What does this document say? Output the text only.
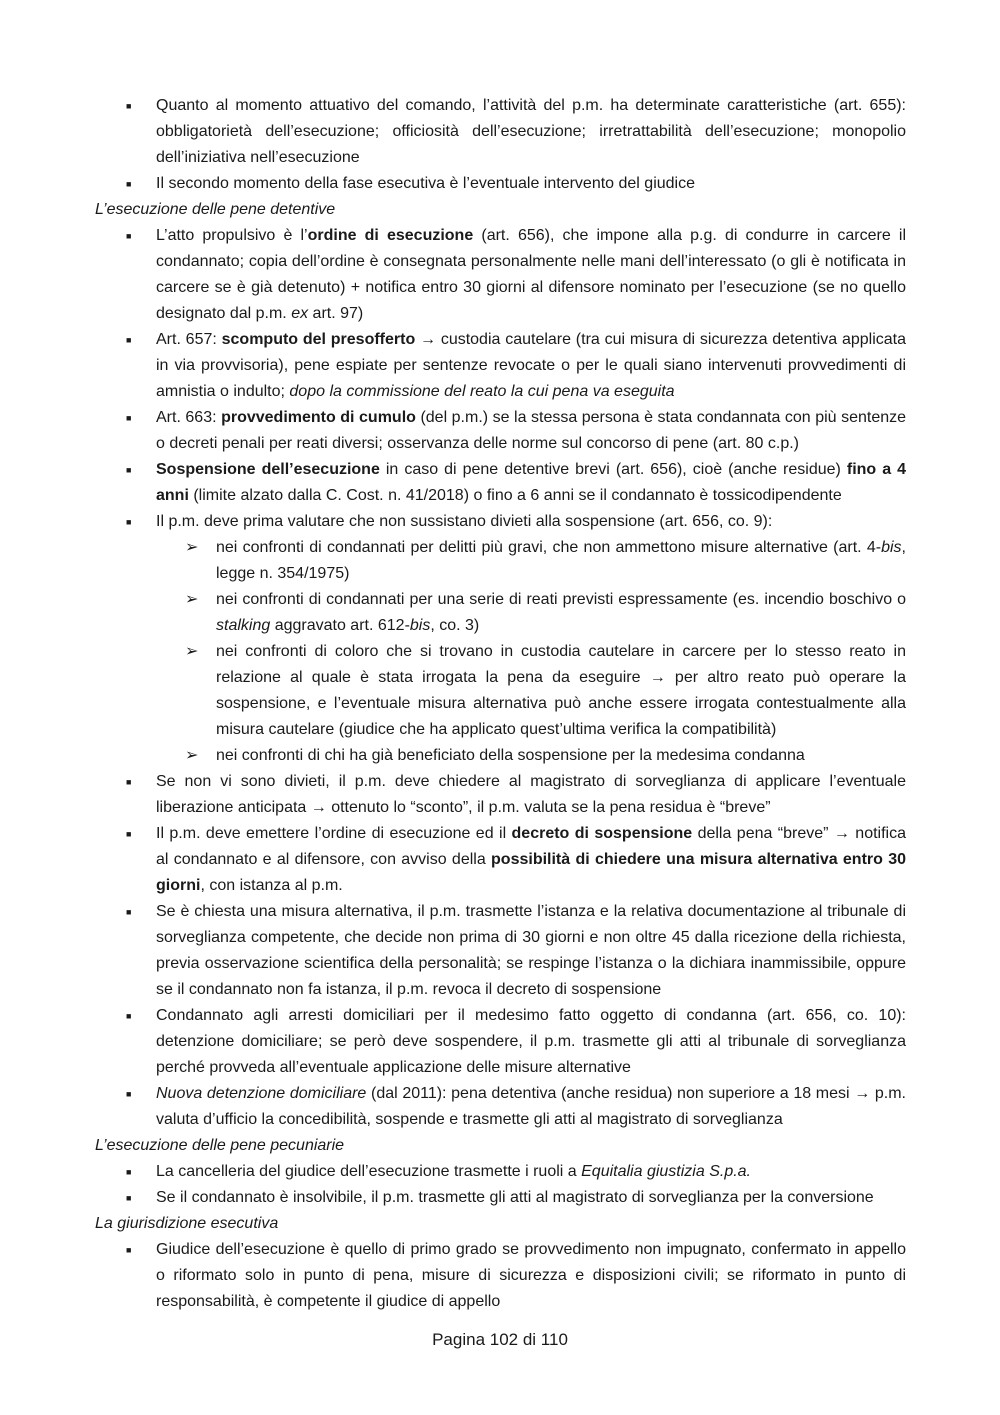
■ Quanto al momento attuativo del comando, l’attività del p.m. ha determinate caratteristiche (art. 655): obbligatorietà dell’esecuzione; officiosità dell’esecuzione; irretrattabilità dell’esecuzione; monopolio dell’iniziativa nell’esecuzione
■ Il secondo momento della fase esecutiva è l’eventuale intervento del giudice

L’esecuzione delle pene detentive

■ L’atto propulsivo è l’ordine di esecuzione (art. 656), che impone alla p.g. di condurre in carcere il condannato; copia dell’ordine è consegnata personalmente nelle mani dell’interessato (o gli è notificata in carcere se è già detenuto) + notifica entro 30 giorni al difensore nominato per l’esecuzione (se no quello designato dal p.m. ex art. 97)
■ Art. 657: scomputo del presofferto → custodia cautelare (tra cui misura di sicurezza detentiva applicata in via provvisoria), pene espiate per sentenze revocate o per le quali siano intervenuti provvedimenti di amnistia o indulto; dopo la commissione del reato la cui pena va eseguita
■ Art. 663: provvedimento di cumulo (del p.m.) se la stessa persona è stata condannata con più sentenze o decreti penali per reati diversi; osservanza delle norme sul concorso di pene (art. 80 c.p.)
■ Sospensione dell’esecuzione in caso di pene detentive brevi (art. 656), cioè (anche residue) fino a 4 anni (limite alzato dalla C. Cost. n. 41/2018) o fino a 6 anni se il condannato è tossicodipendente
■ Il p.m. deve prima valutare che non sussistano divieti alla sospensione (art. 656, co. 9):
➢ nei confronti di condannati per delitti più gravi, che non ammettono misure alternative (art. 4-bis, legge n. 354/1975)
➢ nei confronti di condannati per una serie di reati previsti espressamente (es. incendio boschivo o stalking aggravato art. 612-bis, co. 3)
➢ nei confronti di coloro che si trovano in custodia cautelare in carcere per lo stesso reato in relazione al quale è stata irrogata la pena da eseguire → per altro reato può operare la sospensione, e l’eventuale misura alternativa può anche essere irrogata contestualmente alla misura cautelare (giudice che ha applicato quest’ultima verifica la compatibilità)
➢ nei confronti di chi ha già beneficiato della sospensione per la medesima condanna
■ Se non vi sono divieti, il p.m. deve chiedere al magistrato di sorveglianza di applicare l’eventuale liberazione anticipata → ottenuto lo “sconto”, il p.m. valuta se la pena residua è “breve”
■ Il p.m. deve emettere l’ordine di esecuzione ed il decreto di sospensione della pena “breve” → notifica al condannato e al difensore, con avviso della possibilità di chiedere una misura alternativa entro 30 giorni, con istanza al p.m.
■ Se è chiesta una misura alternativa, il p.m. trasmette l’istanza e la relativa documentazione al tribunale di sorveglianza competente, che decide non prima di 30 giorni e non oltre 45 dalla ricezione della richiesta, previa osservazione scientifica della personalità; se respinge l’istanza o la dichiara inammissibile, oppure se il condannato non fa istanza, il p.m. revoca il decreto di sospensione
■ Condannato agli arresti domiciliari per il medesimo fatto oggetto di condanna (art. 656, co. 10): detenzione domiciliare; se però deve sospendere, il p.m. trasmette gli atti al tribunale di sorveglianza perché provveda all’eventuale applicazione delle misure alternative
■ Nuova detenzione domiciliare (dal 2011): pena detentiva (anche residua) non superiore a 18 mesi → p.m. valuta d’ufficio la concedibilità, sospende e trasmette gli atti al magistrato di sorveglianza

L’esecuzione delle pene pecuniarie

■ La cancelleria del giudice dell’esecuzione trasmette i ruoli a Equitalia giustizia S.p.a.
■ Se il condannato è insolvibile, il p.m. trasmette gli atti al magistrato di sorveglianza per la conversione

La giurisdizione esecutiva

■ Giudice dell’esecuzione è quello di primo grado se provvedimento non impugnato, confermato in appello o riformato solo in punto di pena, misure di sicurezza e disposizioni civili; se riformato in punto di responsabilità, è competente il giudice di appello
Pagina 102 di 110
